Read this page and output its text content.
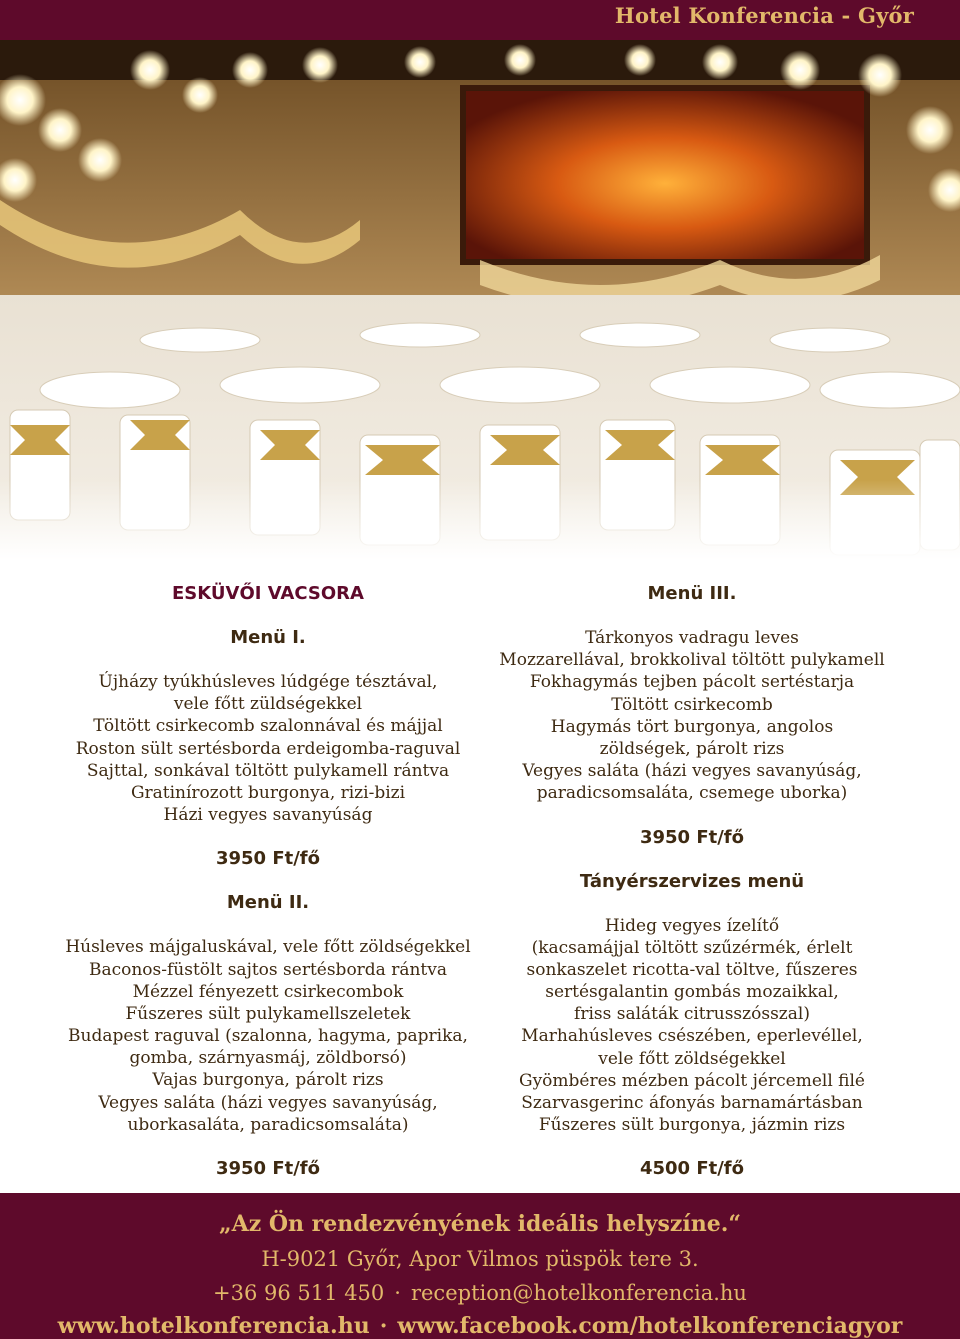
Hotel Konferencia - Győr
ESKÜVŐI VACSORA
Menü I.
Újházy tyúkhúsleves lúdgége tésztával,
vele főtt züldségekkel
Töltött csirkecomb szalonnával és májjal
Roston sült sertésborda erdeigomba-raguval
Sajttal, sonkával töltött pulykamell rántva
Gratinírozott burgonya, rizi-bizi
Házi vegyes savanyúság
3950 Ft/fő
Menü II.
Húsleves májgaluskával, vele főtt zöldségekkel
Baconos-füstölt sajtos sertésborda rántva
Mézzel fényezett csirkecombok
Fűszeres sült pulykamellszeletek
Budapest raguval (szalonna, hagyma, paprika,
gomba, szárnyasmáj, zöldborsó)
Vajas burgonya, párolt rizs
Vegyes saláta (házi vegyes savanyúság,
uborkasaláta, paradicsomsaláta)
3950 Ft/fő
Menü III.
Tárkonyos vadragu leves
Mozzarellával, brokkolival töltött pulykamell
Fokhagymás tejben pácolt sertéstarja
Töltött csirkecomb
Hagymás tört burgonya, angolos
zöldségek, párolt rizs
Vegyes saláta (házi vegyes savanyúság,
paradicsomsaláta, csemege uborka)
3950 Ft/fő
Tányérszervizes menü
Hideg vegyes ízelítő
(kacsamájjal töltött szűzérmék, érlelt
sonkaszelet ricotta-val töltve, fűszeres
sertésgalantin gombás mozaikkal,
friss saláták citrusszósszal)
Marhahúsleves csészében, eperlevéllel,
vele főtt zöldségekkel
Gyömbéres mézben pácolt jércemell filé
Szarvasgerinc áfonyás barnamártásban
Fűszeres sült burgonya, jázmin rizs
4500 Ft/fő
„Az Ön rendezvényének ideális helyszíne.“
H-9021 Győr, Apor Vilmos püspök tere 3.
+36 96 511 450 · reception@hotelkonferencia.hu
www.hotelkonferencia.hu · www.facebook.com/hotelkonferenciagyor
